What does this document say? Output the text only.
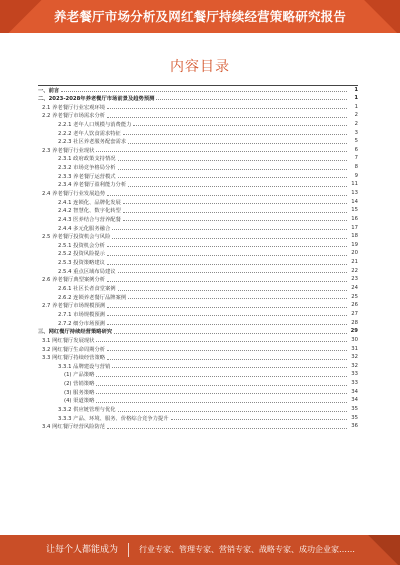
养老餐厅市场分析及网红餐厅持续经营策略研究报告
内容目录
一、前言	1
二、2023-2028年养老餐厅市场前景及趋势预测	1
2.1 养老餐厅行业宏观环境	1
2.2 养老餐厅市场需求分析	2
2.2.1 老年人口规模与消费能力	2
2.2.2 老年人饮食需求特征	3
2.2.3 社区养老服务配套需求	5
2.3 养老餐厅行业现状	6
2.3.1 政府政策支持情况	7
2.3.2 市场竞争格局分析	8
2.3.3 养老餐厅运营模式	9
2.3.4 养老餐厅盈利能力分析	11
2.4 养老餐厅行业发展趋势	13
2.4.1 连锁化、品牌化发展	14
2.4.2 智慧化、数字化转型	15
2.4.3 医养结合与营养配餐	16
2.4.4 多元化服务融合	17
2.5 养老餐厅投资机会与风险	18
2.5.1 投资机会分析	19
2.5.2 投资风险提示	20
2.5.3 投资策略建议	21
2.5.4 重点区域布局建议	22
2.6 养老餐厅典型案例分析	23
2.6.1 社区长者食堂案例	24
2.6.2 连锁养老餐厅品牌案例	25
2.7 养老餐厅市场规模预测	26
2.7.1 市场规模预测	27
2.7.2 细分市场预测	28
三、网红餐厅持续经营策略研究	29
3.1 网红餐厅发展现状	30
3.2 网红餐厅生命周期分析	31
3.3 网红餐厅持续经营策略	32
3.3.1 品牌建设与营销	32
(1) 产品策略	33
(2) 营销策略	33
(3) 服务策略	34
(4) 渠道策略	34
3.3.2 供应链管理与优化	35
3.3.3 产品、环境、服务、价格综合竞争力提升	35
3.4 网红餐厅经营风险防范	36
让每个人都能成为	行业专家、管理专家、营销专家、战略专家、成功企业家……
